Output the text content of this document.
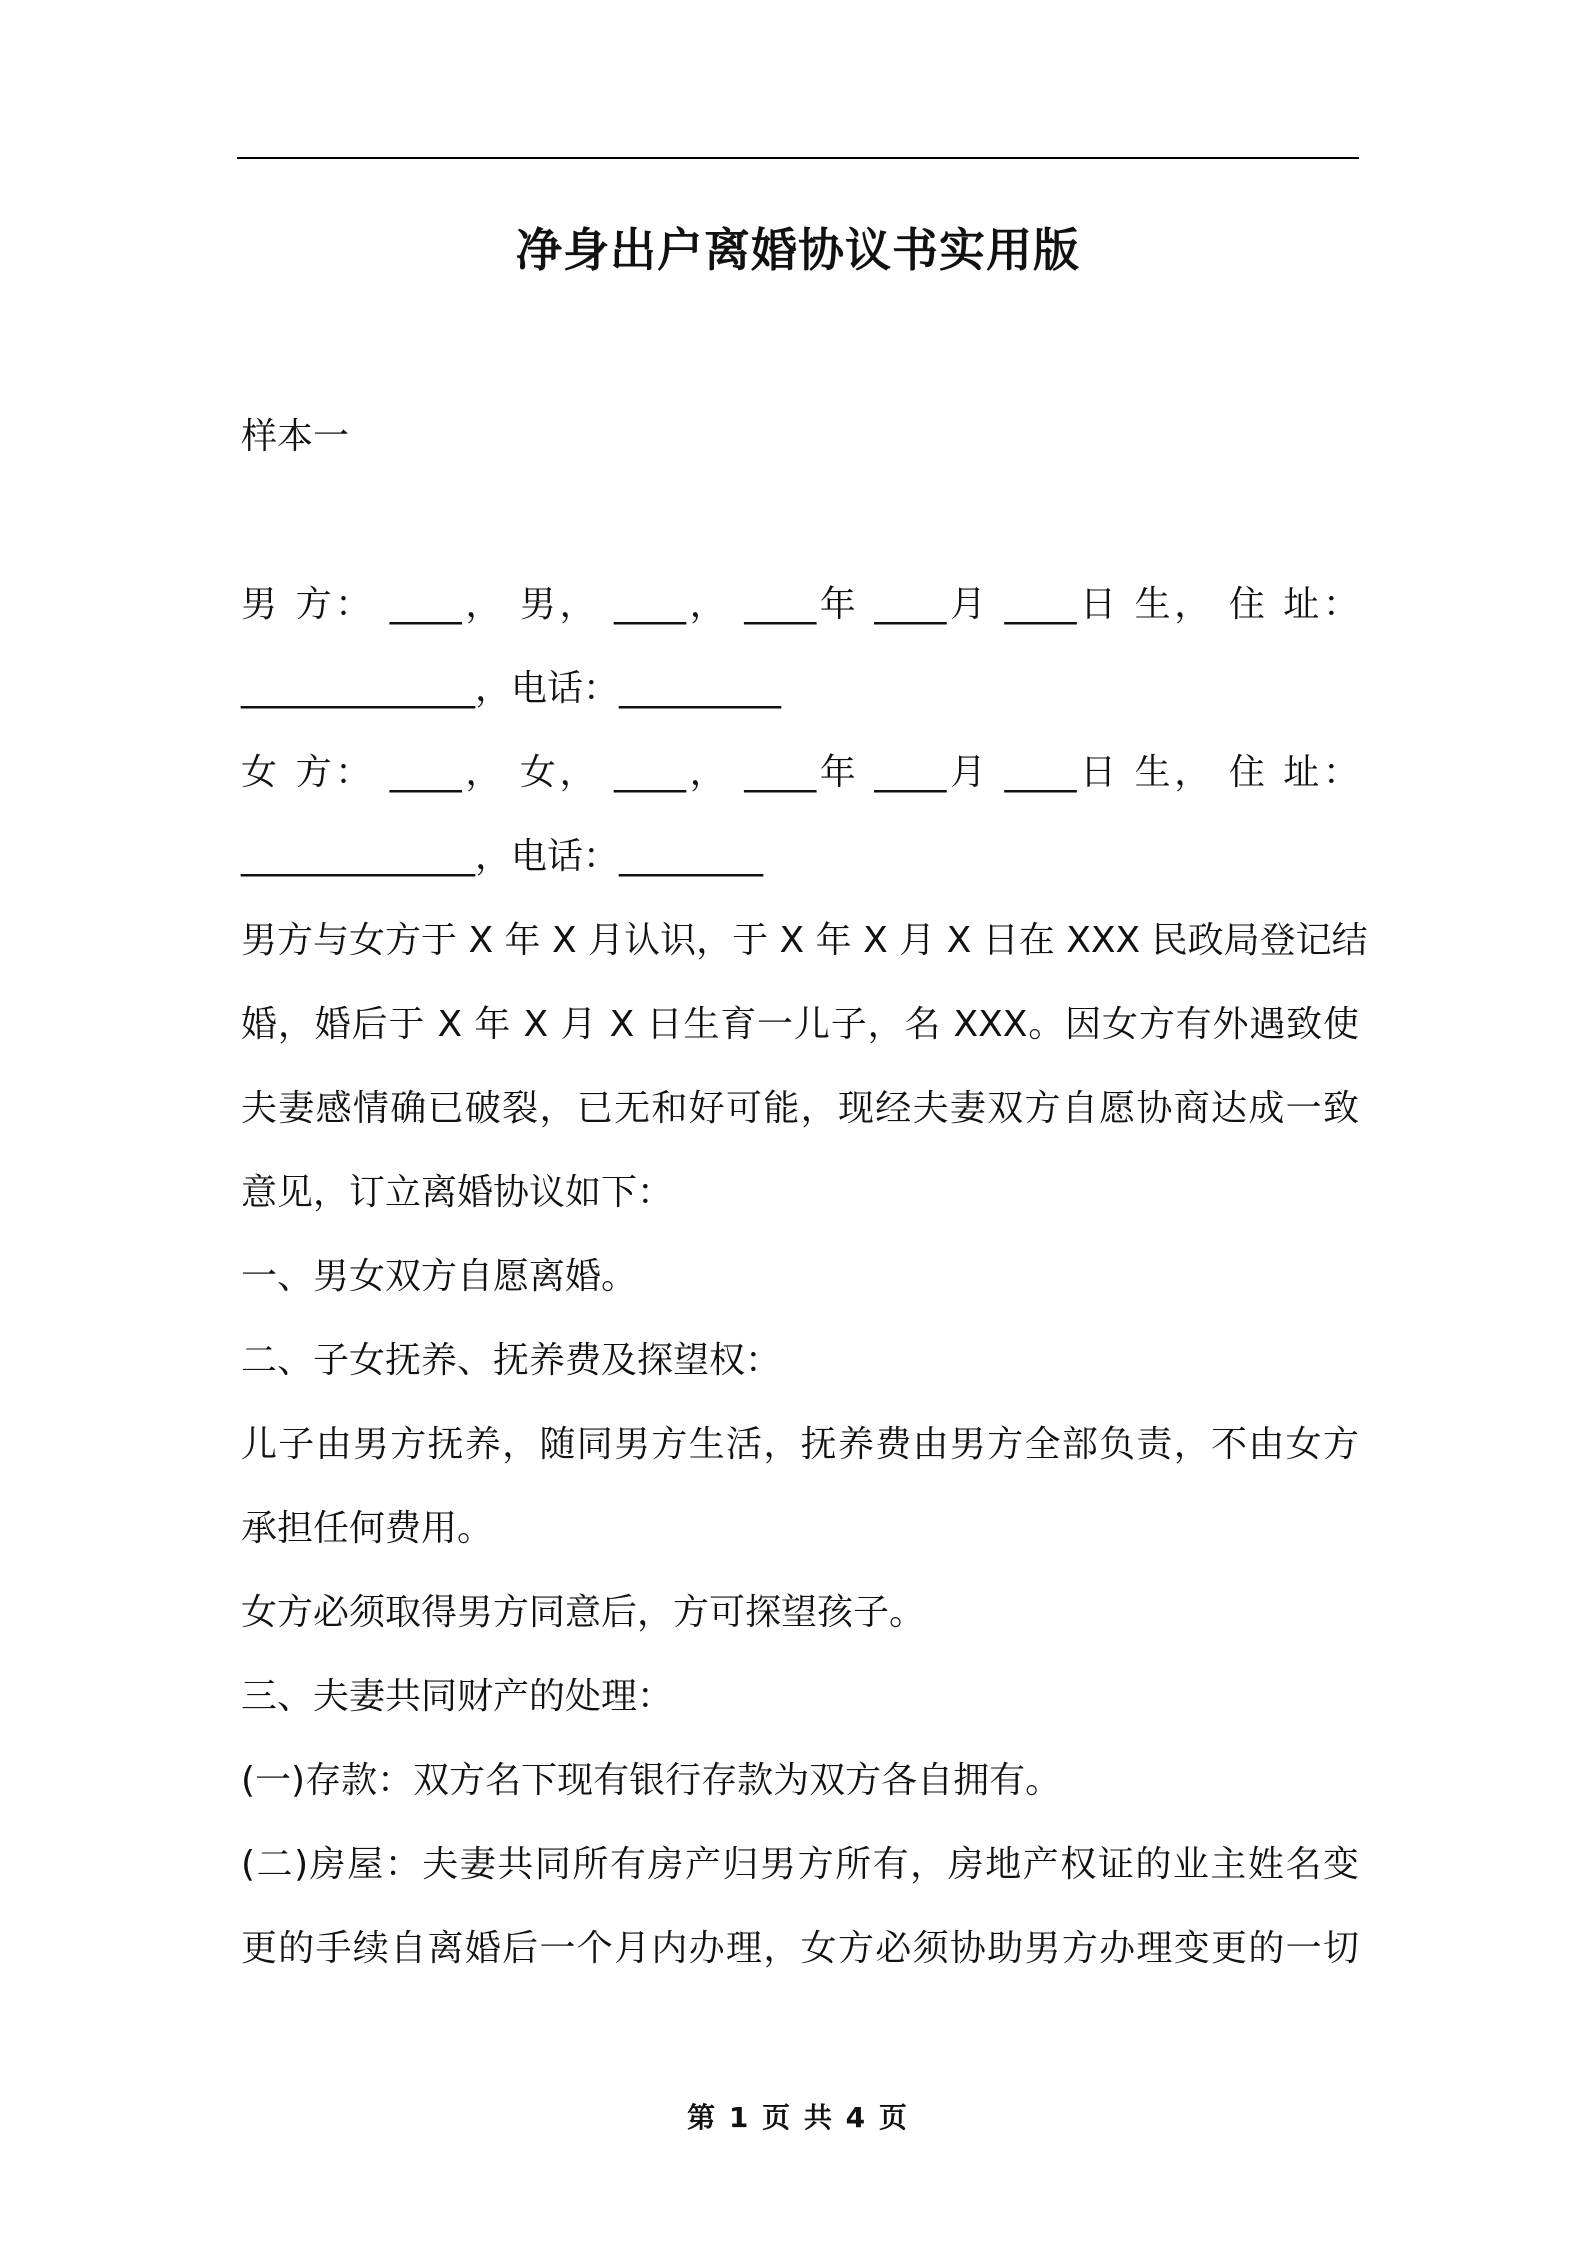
净身出户离婚协议书实用版
样本一
男 方： ____， 男， ____， ____年 ____月 ____日 生， 住 址：
_____________，电话：_________
女 方： ____， 女， ____， ____年 ____月 ____日 生， 住 址：
_____________，电话：________
男方与女方于 X 年 X 月认识，于 X 年 X 月 X 日在 XXX 民政局登记结
婚，婚后于 X 年 X 月 X 日生育一儿子，名 XXX。因女方有外遇致使
夫妻感情确已破裂，已无和好可能，现经夫妻双方自愿协商达成一致
意见，订立离婚协议如下：
一、男女双方自愿离婚。
二、子女抚养、抚养费及探望权：
儿子由男方抚养，随同男方生活，抚养费由男方全部负责，不由女方
承担任何费用。
女方必须取得男方同意后，方可探望孩子。
三、夫妻共同财产的处理：
(一)存款：双方名下现有银行存款为双方各自拥有。
(二)房屋：夫妻共同所有房产归男方所有，房地产权证的业主姓名变
更的手续自离婚后一个月内办理，女方必须协助男方办理变更的一切
第 1 页 共 4 页
